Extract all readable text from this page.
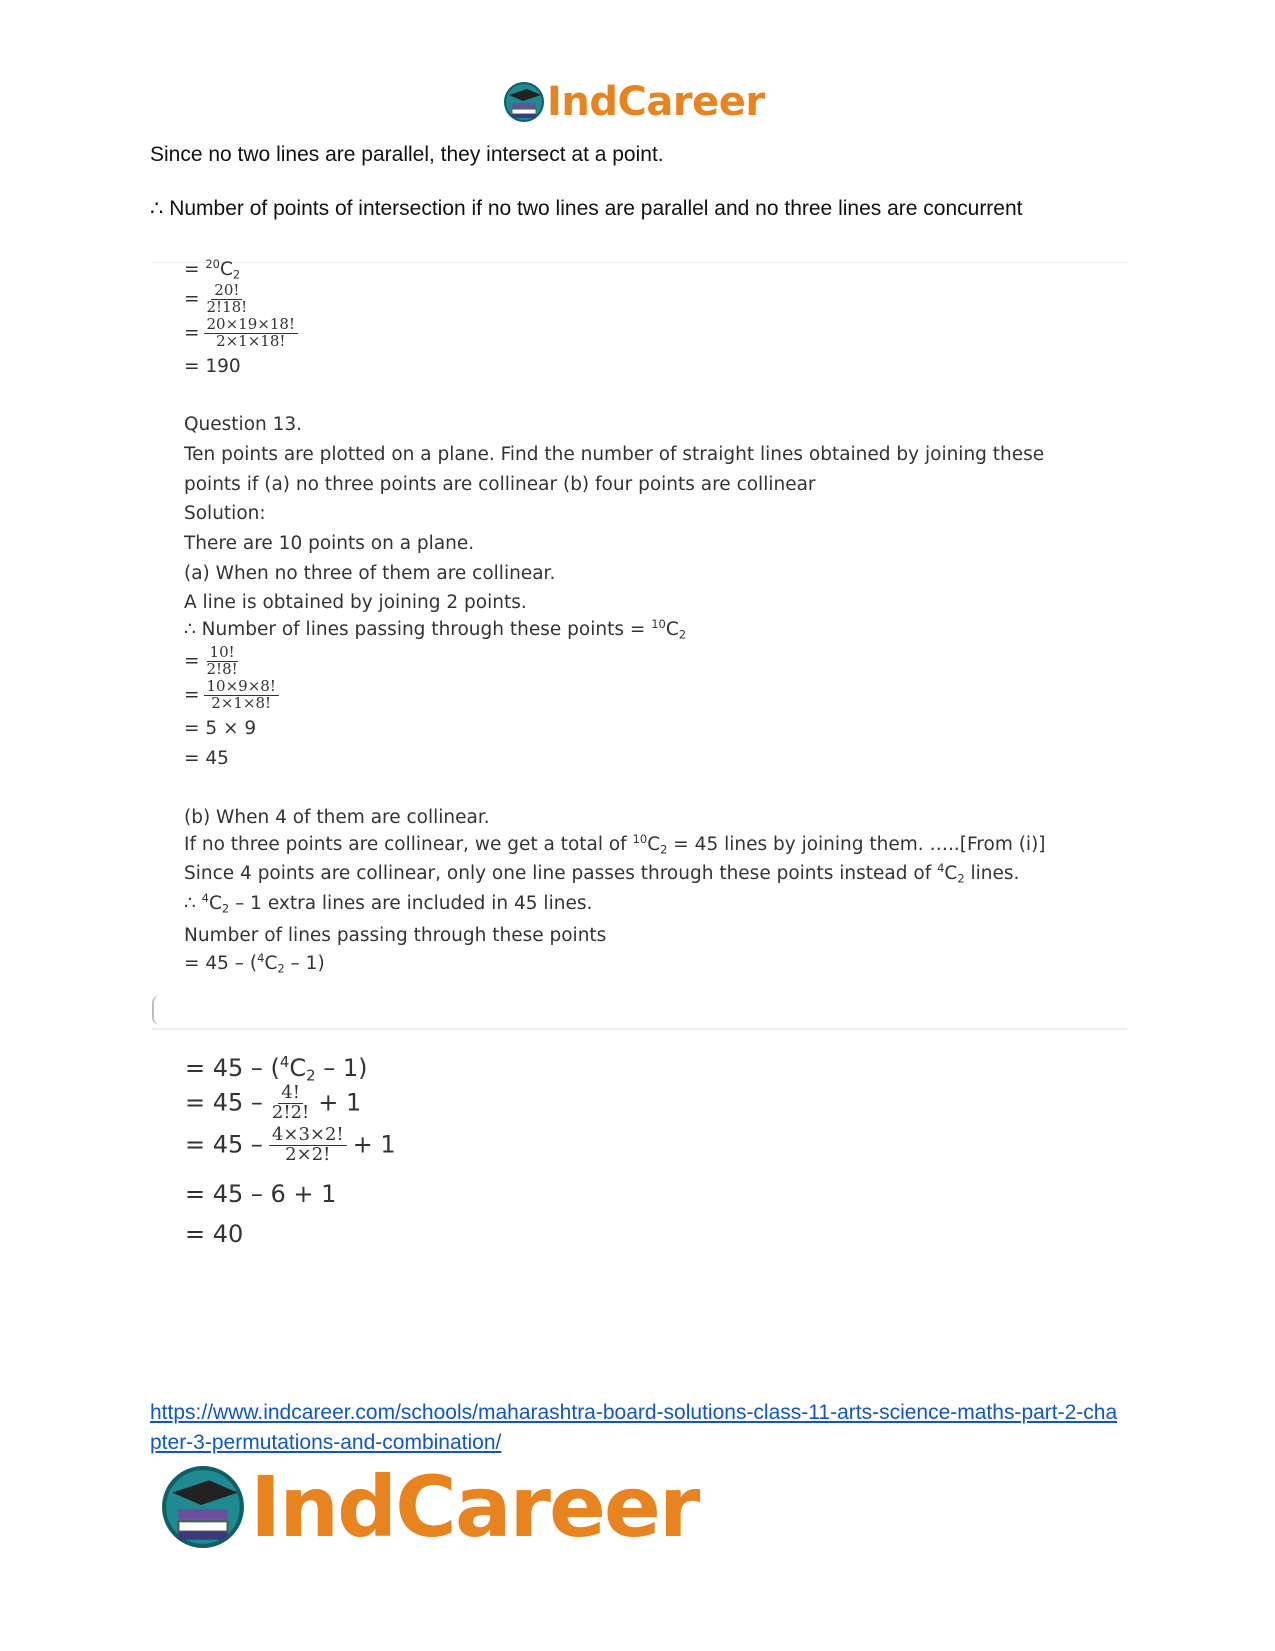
IndCareer
Since no two lines are parallel, they intersect at a point.
∴ Number of points of intersection if no two lines are parallel and no three lines are concurrent
= $^{20}C_2$
= $\frac{20!}{2!18!}$
= $\frac{20\times 19\times 18!}{2\times 1\times 18!}$
= 190
Question 13.
Ten points are plotted on a plane. Find the number of straight lines obtained by joining these
points if (a) no three points are collinear (b) four points are collinear
Solution:
There are 10 points on a plane.
(a) When no three of them are collinear.
A line is obtained by joining 2 points.
∴ Number of lines passing through these points = $^{10}C_2$
= $\frac{10!}{2!8!}$
= $\frac{10\times 9\times 8!}{2\times 1\times 8!}$
= 5 × 9
= 45
(b) When 4 of them are collinear.
If no three points are collinear, we get a total of $^{10}C_2 = 45$ lines by joining them. …..[From (i)]
Since 4 points are collinear, only one line passes through these points instead of $^4C_2$ lines.
∴ $^4C_2 - 1$ extra lines are included in 45 lines.
Number of lines passing through these points
= $45 - (^4C_2 - 1)$
= $45 - (^4C_2 - 1)$
= $45 - \frac{4!}{2!2!} + 1$
= $45 - \frac{4\times 3\times 2!}{2\times 2!} + 1$
= 45 – 6 + 1
= 40
https://www.indcareer.com/schools/maharashtra-board-solutions-class-11-arts-science-maths-part-2-chapter-3-permutations-and-combination/
IndCareer
